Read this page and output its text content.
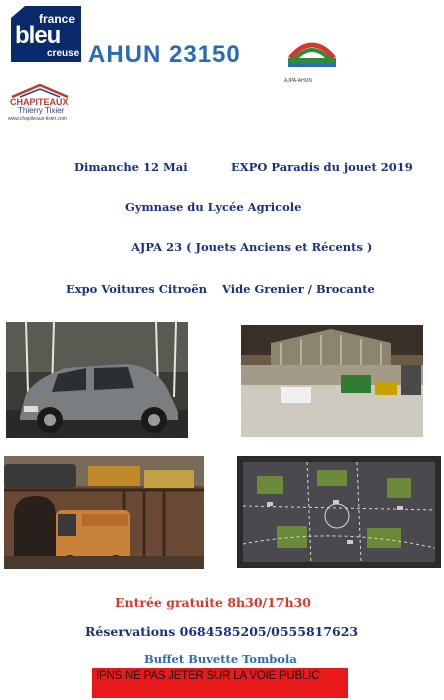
france
bleu
creuse AHUN 23150
AJPA-AHUN
CHAPITEAUX
Thierry Tixier
www.chapiteaux-tixier.com
Dimanche 12 Mai	EXPO Paradis du jouet 2019
Gymnase du Lycée Agricole
AJPA 23 ( Jouets Anciens et Récents )
Expo Voitures Citroën Vide Grenier / Brocante
Entrée gratuite 8h30/17h30
Réservations 0684585205/0555817623
Buffet Buvette Tombola
IPNS NE PAS JETER SUR LA VOIE PUBLIC
